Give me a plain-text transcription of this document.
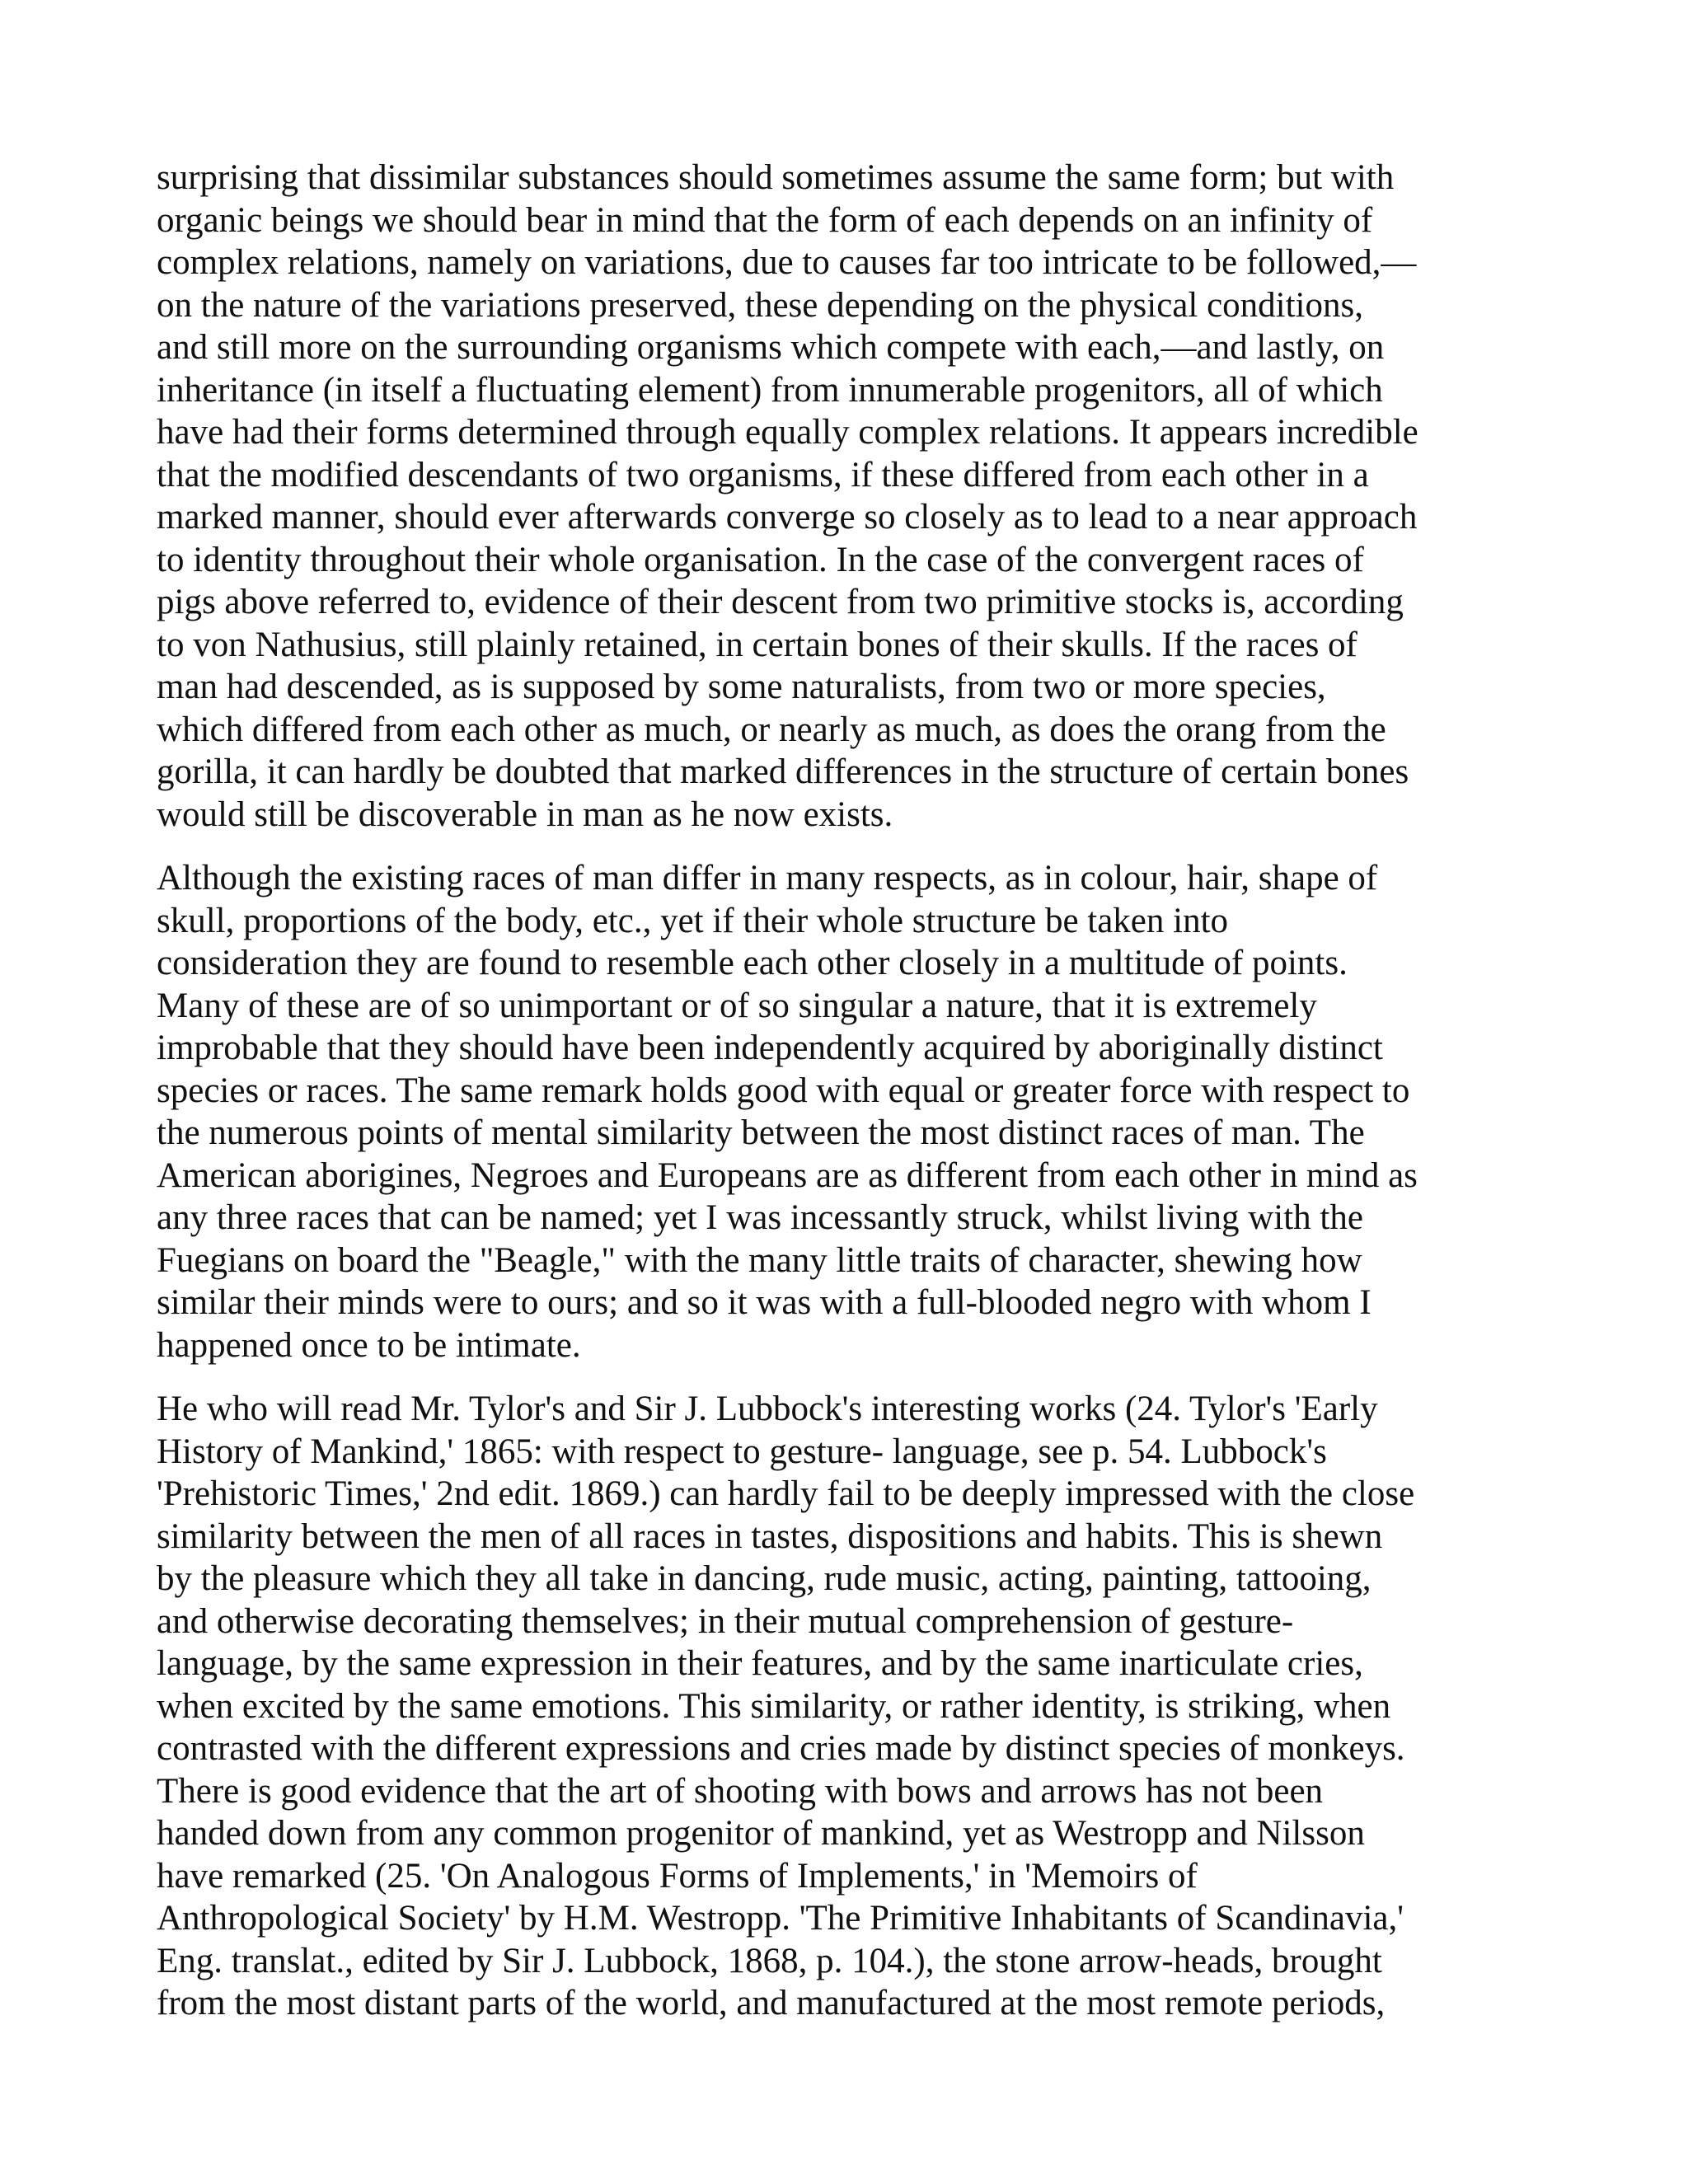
surprising that dissimilar substances should sometimes assume the same form; but with
organic beings we should bear in mind that the form of each depends on an infinity of
complex relations, namely on variations, due to causes far too intricate to be followed,—
on the nature of the variations preserved, these depending on the physical conditions,
and still more on the surrounding organisms which compete with each,—and lastly, on
inheritance (in itself a fluctuating element) from innumerable progenitors, all of which
have had their forms determined through equally complex relations. It appears incredible
that the modified descendants of two organisms, if these differed from each other in a
marked manner, should ever afterwards converge so closely as to lead to a near approach
to identity throughout their whole organisation. In the case of the convergent races of
pigs above referred to, evidence of their descent from two primitive stocks is, according
to von Nathusius, still plainly retained, in certain bones of their skulls. If the races of
man had descended, as is supposed by some naturalists, from two or more species,
which differed from each other as much, or nearly as much, as does the orang from the
gorilla, it can hardly be doubted that marked differences in the structure of certain bones
would still be discoverable in man as he now exists.

Although the existing races of man differ in many respects, as in colour, hair, shape of
skull, proportions of the body, etc., yet if their whole structure be taken into
consideration they are found to resemble each other closely in a multitude of points.
Many of these are of so unimportant or of so singular a nature, that it is extremely
improbable that they should have been independently acquired by aboriginally distinct
species or races. The same remark holds good with equal or greater force with respect to
the numerous points of mental similarity between the most distinct races of man. The
American aborigines, Negroes and Europeans are as different from each other in mind as
any three races that can be named; yet I was incessantly struck, whilst living with the
Fuegians on board the "Beagle," with the many little traits of character, shewing how
similar their minds were to ours; and so it was with a full-blooded negro with whom I
happened once to be intimate.

He who will read Mr. Tylor's and Sir J. Lubbock's interesting works (24. Tylor's 'Early
History of Mankind,' 1865: with respect to gesture- language, see p. 54. Lubbock's
'Prehistoric Times,' 2nd edit. 1869.) can hardly fail to be deeply impressed with the close
similarity between the men of all races in tastes, dispositions and habits. This is shewn
by the pleasure which they all take in dancing, rude music, acting, painting, tattooing,
and otherwise decorating themselves; in their mutual comprehension of gesture-
language, by the same expression in their features, and by the same inarticulate cries,
when excited by the same emotions. This similarity, or rather identity, is striking, when
contrasted with the different expressions and cries made by distinct species of monkeys.
There is good evidence that the art of shooting with bows and arrows has not been
handed down from any common progenitor of mankind, yet as Westropp and Nilsson
have remarked (25. 'On Analogous Forms of Implements,' in 'Memoirs of
Anthropological Society' by H.M. Westropp. 'The Primitive Inhabitants of Scandinavia,'
Eng. translat., edited by Sir J. Lubbock, 1868, p. 104.), the stone arrow-heads, brought
from the most distant parts of the world, and manufactured at the most remote periods,
